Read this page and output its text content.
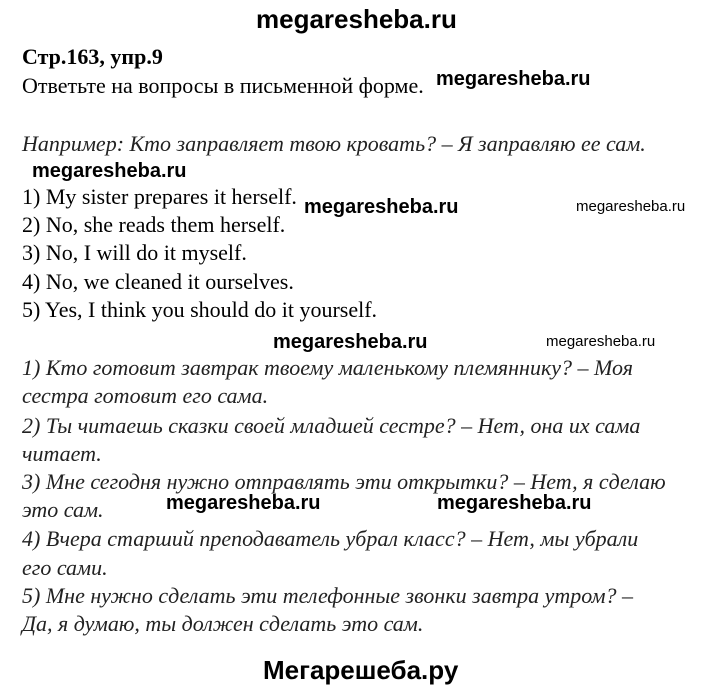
megaresheba.ru
Стр.163, упр.9
Ответьте на вопросы в письменной форме. megaresheba.ru
Например: Кто заправляет твою кровать? – Я заправляю ее сам.
megaresheba.ru
1) My sister prepares it herself.
2) No, she reads them herself.
3) No, I will do it myself.
4) No, we cleaned it ourselves.
5) Yes, I think you should do it yourself.
megaresheba.ru	megaresheba.ru
megaresheba.ru	megaresheba.ru
1) Кто готовит завтрак твоему маленькому племяннику? – Моя
сестра готовит его сама.
2) Ты читаешь сказки своей младшей сестре? – Нет, она их сама
читает.
3) Мне сегодня нужно отправлять эти открытки? – Нет, я сделаю
это сам.
4) Вчера старший преподаватель убрал класс? – Нет, мы убрали
его сами.
5) Мне нужно сделать эти телефонные звонки завтра утром? –
Да, я думаю, ты должен сделать это сам.
megaresheba.ru	megaresheba.ru
Мегарешеба.ру
